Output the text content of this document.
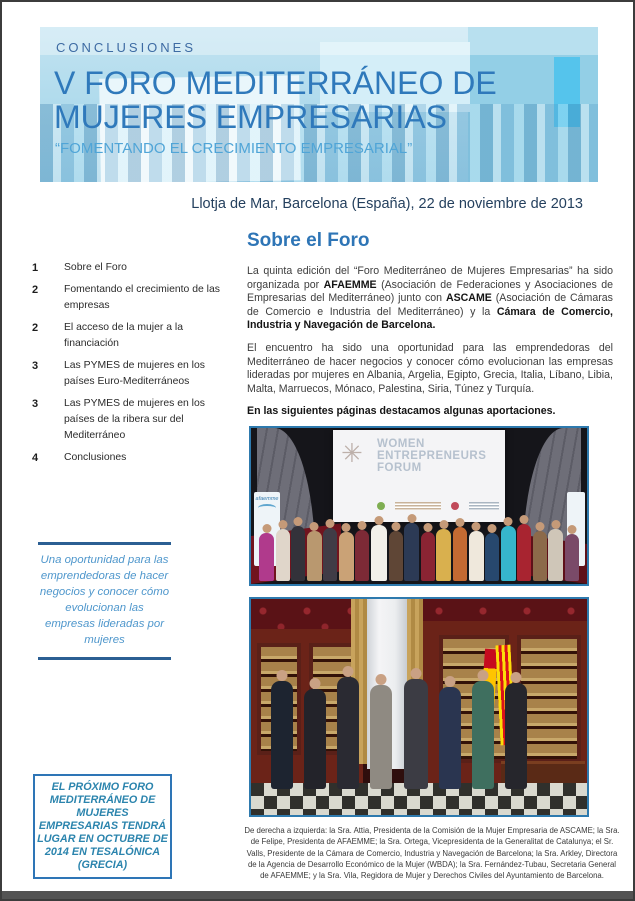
CONCLUSIONES
V FORO MEDITERRÁNEO DE MUJERES EMPRESARIAS
“FOMENTANDO EL CRECIMIENTO EMPRESARIAL”
Llotja de Mar, Barcelona (España), 22 de noviembre de 2013
1	Sobre el Foro
2	Fomentando el crecimiento de las empresas
2	El acceso de la mujer a la financiación
3	Las PYMES de mujeres en los países Euro-Mediterráneos
3	Las PYMES de mujeres en los países de la ribera sur del Mediterráneo
4	Conclusiones
Una oportunidad para las emprendedoras de hacer negocios y conocer cómo evolucionan las empresas lideradas por mujeres
EL PRÓXIMO FORO MEDITERRÁNEO DE MUJERES EMPRESARIAS TENDRÁ LUGAR EN OCTUBRE DE 2014 EN TESALÓNICA (GRECIA)
Sobre el Foro

La quinta edición del “Foro Mediterráneo de Mujeres Empresarias” ha sido organizada por AFAEMME (Asociación de Federaciones y Asociaciones de Empresarias del Mediterráneo) junto con ASCAME (Asociación de Cámaras de Comercio e Industria del Mediterráneo) y la Cámara de Comercio, Industria y Navegación de Barcelona.

El encuentro ha sido una oportunidad para las emprendedoras del Mediterráneo de hacer negocios y conocer cómo evolucionan las empresas lideradas por mujeres en Albania, Argelia, Egipto, Grecia, Italia, Líbano, Libia, Malta, Marruecos, Mónaco, Palestina, Siria, Túnez y Turquía.

En las siguientes páginas destacamos algunas aportaciones.

✳ WOMEN
ENTREPRENEURS
FORUM
afaemme

De derecha a izquierda: la Sra. Attia, Presidenta de la Comisión de la Mujer Empresaria de ASCAME; la Sra. de Felipe, Presidenta de AFAEMME; la Sra. Ortega, Vicepresidenta de la Generalitat de Catalunya; el Sr. Valls, Presidente de la Cámara de Comercio, Industria y Navegación de Barcelona; la Sra. Arkley, Directora de la Agencia de Desarrollo Económico de la Mujer (WBDA); la Sra. Fernández-Tubau, Secretaria General de AFAEMME; y la Sra. Vila, Regidora de Mujer y Derechos Civiles del Ayuntamiento de Barcelona.
